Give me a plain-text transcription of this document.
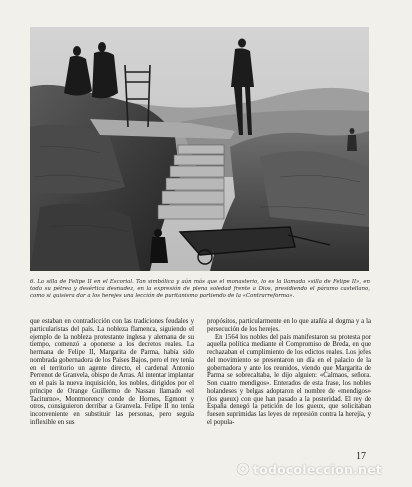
6. La silla de Felipe II en el Escorial. Tan simbólica y aún más que el monasterio, lo es la llamada «silla de Felipe II», en toda su pétrea y desértica desnudez, en la expresión de plena soledad frente a Dios, presidiendo el páramo castellano, como si quisiera dar a los herejes una lección de puritanismo partiendo de la «Contrarreforma».

que estaban en contradicción con las tradiciones feudales y particularistas del país. La nobleza flamenca, siguiendo el ejemplo de la nobleza protestante inglesa y alemana de su tiempo, comenzó a oponerse a los decretos reales. La hermana de Felipe II, Margarita de Parma, había sido nombrada gobernadora de los Países Bajos, pero el rey tenía en el territorio un agente directo, el cardenal Antonio Perrenot de Granvela, obispo de Arras. Al intentar implantar en el país la nueva inquisición, los nobles, dirigidos por el príncipe de Orange Guillermo de Nassau llamado «el Taciturno», Montmorency conde de Hornes, Egmont y otros, consiguieron derribar a Granvela. Felipe II no tenía inconveniente en substituir las personas, pero seguía inflexible en sus

propósitos, particularmente en lo que atañía al dogma y a la persecución de los herejes.

En 1564 los nobles del país manifestaron su protesta por aquella política mediante el Compromiso de Breda, en que rechazaban el cumplimiento de los edictos reales. Los jefes del movimiento se presentaron un día en el palacio de la gobernadora y ante los reunidos, viendo que Margarita de Parma se sobrecaltaba, le dijo alguien: «Calmaos, señora. Son cuatro mendigos». Enterados de esta frase, los nobles holandeses y belgas adoptaron el nombre de «mendigos» (los gueux) con que han pasado a la posteridad. El rey de España denegó la petición de los gueux, que solicitaban fuesen suprimidas las leyes de represión contra la herejía, y el popula-

17
todocoleccion.net
